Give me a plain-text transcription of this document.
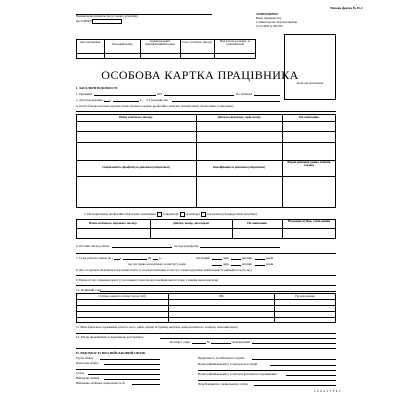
Типова форма № П-2
Найменування підприємства (установи, організації)
Код ЄДРПОУ
ЗАТВЕРДЖЕНО
Наказ Держкомстату
та Міністерства оборони України
25.12.2009 № 495/656
Дата заповнення	Табельний номер
Індивідуальний ідентифікаційний номер
Стать (чоловіча, жіноча)	Вид роботи (основна, за сумісництвом)
місце для фотокартки
ОСОБОВА КАРТКА ПРАЦІВНИКА
І. ЗАГАЛЬНІ ВІДОМОСТІ
1. Прізвище	Ім'я	По батькові
2. Дата народження « »	р. 3. Громадянство
4. Освіта (базова загальна середня, повна загальна середня, професійно-технічна, неповна вища, базова вища, повна вища)
Назва освітнього закладу	Диплом (свідоцтво), серія, номер	Рік закінчення
Спеціальність (професія) за дипломом (свідоцтвом)	Кваліфікація за дипломом (свідоцтвом)
Форма навчання (денна, вечірня, заочна)
5. Післядипломна професійна підготовка: навчання в аспірантурі ад'юнктурі докторантурі (підкреслити потрібне)
Назва освітнього, наукового закладу	Диплом, номер, дата видачі	Рік закінчення	Науковий ступінь, учене звання
6. Останнє місце роботи	посада (професія)
7. Стаж роботи станом на « »	20 р.	Загальний	днів	місяців	років
що дає право на надбавку за вислугу років	днів	місяців	років
8. Дата та причина звільнення (скорочення штатів; за власним бажанням, за прогул та інші порушення, невідповідність займаній посаді тощо)
9. Відомості про отримання пенсії (у разі наявності вказати вид пенсійних виплат згідно з чинним законодавством)
10. Родинний стан
Ступінь родинного зв'язку (склад сім'ї)	ПІБ	Рік народження
11. Місце фактичного проживання (область, місто, район, вулиця, № будинку, квартири, номер контактного телефону, поштовий індекс)
12. Місце проживання за державною реєстрацією
Паспорт: серія	№	, ким виданий
ІІ. ВІДОМОСТІ ПРО ВІЙСЬКОВИЙ ОБЛІК
Група обліку
Категорія обліку
Склад
Військове звання
Військово-облікова спеціальність №
Придатність до військової служби
Назва райвійськкомату за місцем реєстрації
Назва райвійськкомату за місцем фактичного проживання
Перебування на спеціальному обліку
1 8 0 0 1 7 5 0 7
